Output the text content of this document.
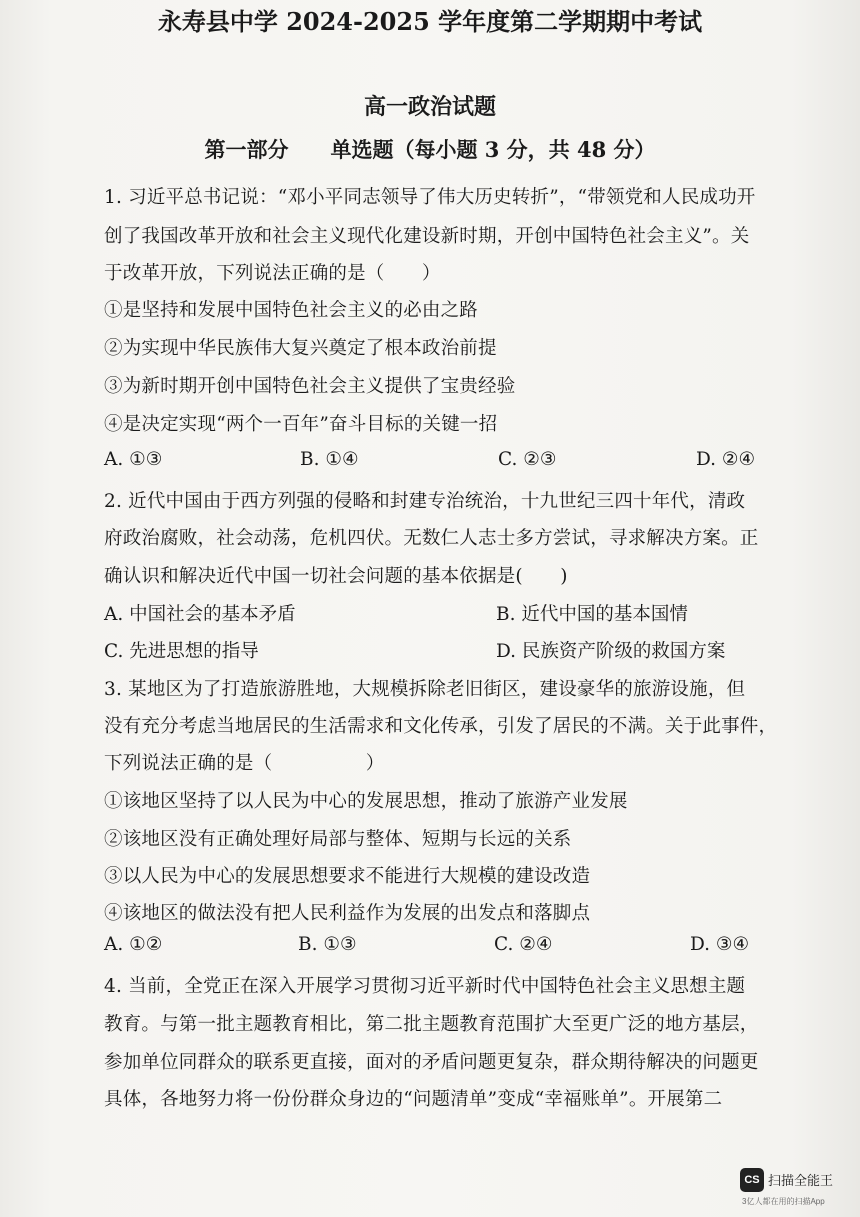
永寿县中学 2024-2025 学年度第二学期期中考试
高一政治试题
第一部分　　单选题（每小题 3 分，共 48 分）
1. 习近平总书记说：“邓小平同志领导了伟大历史转折”，“带领党和人民成功开
创了我国改革开放和社会主义现代化建设新时期，开创中国特色社会主义”。关
于改革开放，下列说法正确的是（　　）
①是坚持和发展中国特色社会主义的必由之路
②为实现中华民族伟大复兴奠定了根本政治前提
③为新时期开创中国特色社会主义提供了宝贵经验
④是决定实现“两个一百年”奋斗目标的关键一招
A. ①③	B. ①④	C. ②③	D. ②④
2. 近代中国由于西方列强的侵略和封建专治统治，十九世纪三四十年代，清政
府政治腐败，社会动荡，危机四伏。无数仁人志士多方尝试，寻求解决方案。正
确认识和解决近代中国一切社会问题的基本依据是(　　)
A. 中国社会的基本矛盾	B. 近代中国的基本国情
C. 先进思想的指导	D. 民族资产阶级的救国方案
3. 某地区为了打造旅游胜地，大规模拆除老旧街区，建设豪华的旅游设施，但
没有充分考虑当地居民的生活需求和文化传承，引发了居民的不满。关于此事件，
下列说法正确的是（　　　　　）
①该地区坚持了以人民为中心的发展思想，推动了旅游产业发展
②该地区没有正确处理好局部与整体、短期与长远的关系
③以人民为中心的发展思想要求不能进行大规模的建设改造
④该地区的做法没有把人民利益作为发展的出发点和落脚点
A. ①②	B. ①③	C. ②④	D. ③④
4. 当前，全党正在深入开展学习贯彻习近平新时代中国特色社会主义思想主题
教育。与第一批主题教育相比，第二批主题教育范围扩大至更广泛的地方基层，
参加单位同群众的联系更直接，面对的矛盾问题更复杂，群众期待解决的问题更
具体，各地努力将一份份群众身边的“问题清单”变成“幸福账单”。开展第二
CS 扫描全能王
3亿人都在用的扫描App
